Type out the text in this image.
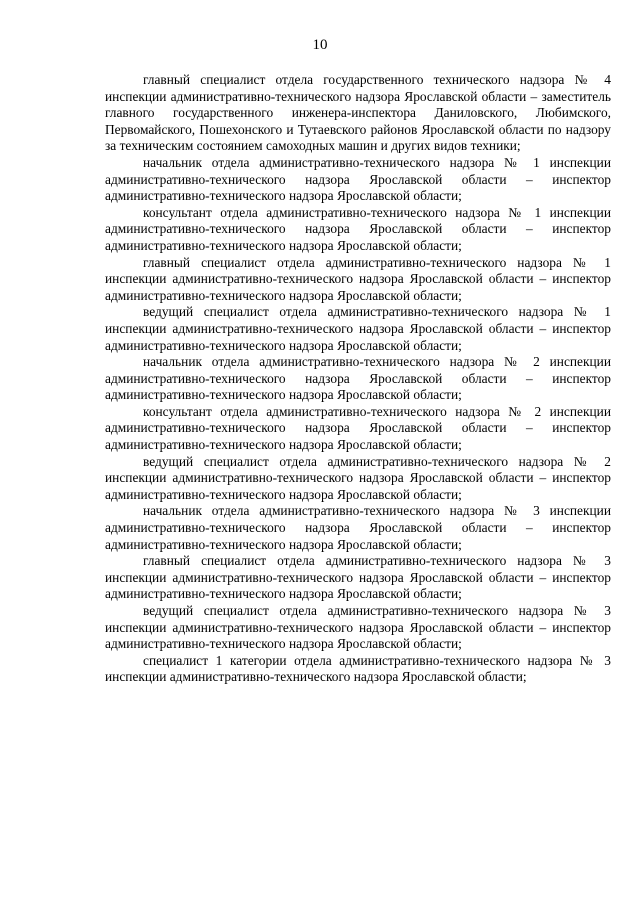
10

главный специалист отдела государственного технического надзора № 4 инспекции административно-технического надзора Ярославской области – заместитель главного государственного инженера-инспектора Даниловского, Любимского, Первомайского, Пошехонского и Тутаевского районов Ярославской области по надзору за техническим состоянием самоходных машин и других видов техники;

начальник отдела административно-технического надзора № 1 инспекции административно-технического надзора Ярославской области – инспектор административно-технического надзора Ярославской области;

консультант отдела административно-технического надзора № 1 инспекции административно-технического надзора Ярославской области – инспектор административно-технического надзора Ярославской области;

главный специалист отдела административно-технического надзора № 1 инспекции административно-технического надзора Ярославской области – инспектор административно-технического надзора Ярославской области;

ведущий специалист отдела административно-технического надзора № 1 инспекции административно-технического надзора Ярославской области – инспектор административно-технического надзора Ярославской области;

начальник отдела административно-технического надзора № 2 инспекции административно-технического надзора Ярославской области – инспектор административно-технического надзора Ярославской области;

консультант отдела административно-технического надзора № 2 инспекции административно-технического надзора Ярославской области – инспектор административно-технического надзора Ярославской области;

ведущий специалист отдела административно-технического надзора № 2 инспекции административно-технического надзора Ярославской области – инспектор административно-технического надзора Ярославской области;

начальник отдела административно-технического надзора № 3 инспекции административно-технического надзора Ярославской области – инспектор административно-технического надзора Ярославской области;

главный специалист отдела административно-технического надзора № 3 инспекции административно-технического надзора Ярославской области – инспектор административно-технического надзора Ярославской области;

ведущий специалист отдела административно-технического надзора № 3 инспекции административно-технического надзора Ярославской области – инспектор административно-технического надзора Ярославской области;

специалист 1 категории отдела административно-технического надзора № 3 инспекции административно-технического надзора Ярославской области;
